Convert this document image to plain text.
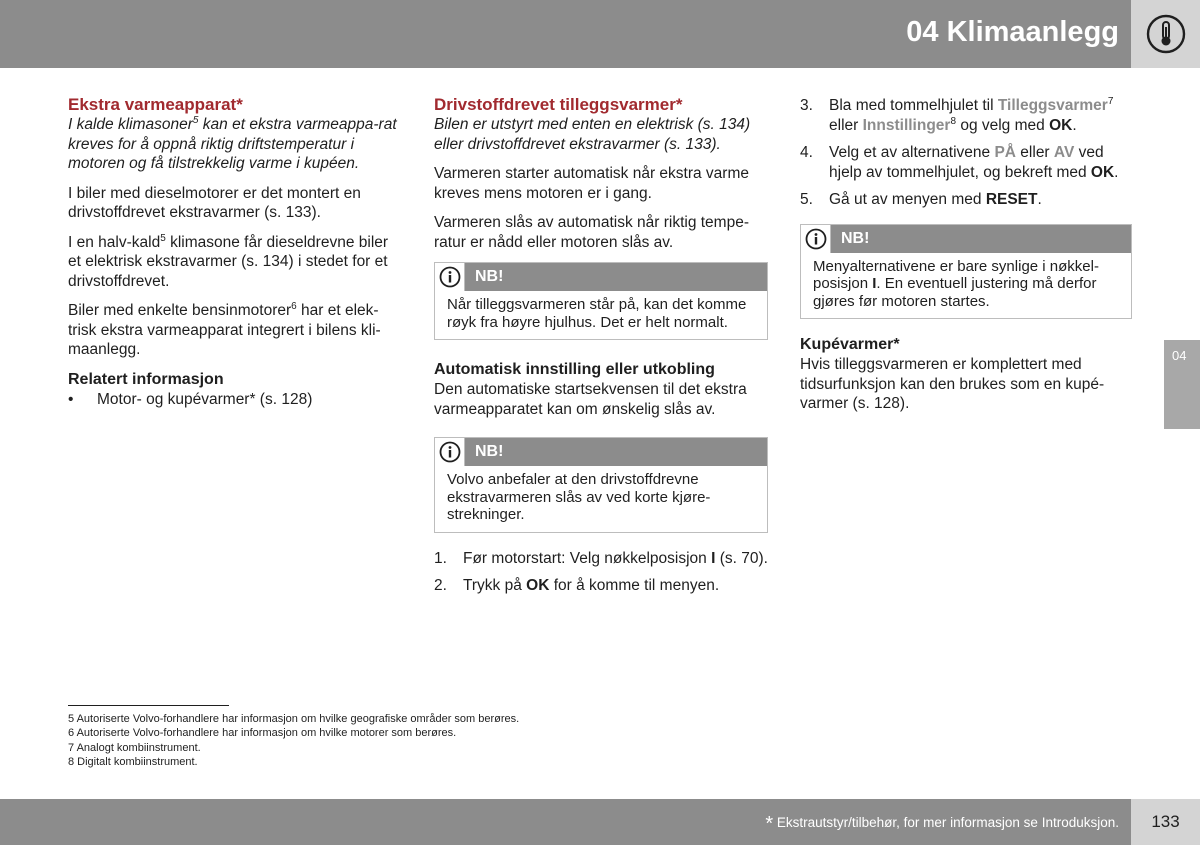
04 Klimaanlegg
Ekstra varmeapparat*

I kalde klimasoner$^5$ kan et ekstra varmeappa-rat kreves for å oppnå riktig driftstemperatur i motoren og få tilstrekkelig varme i kupéen.

I biler med dieselmotorer er det montert en drivstoffdrevet ekstravarmer (s. 133).

I en halv-kald$^5$ klimasone får dieseldrevne biler et elektrisk ekstravarmer (s. 134) i stedet for et drivstoffdrevet.

Biler med enkelte bensinmotorer$^6$ har et elek-trisk ekstra varmeapparat integrert i bilens kli-maanlegg.

Relatert informasjon
•	Motor- og kupévarmer* (s. 128)
Drivstoffdrevet tilleggsvarmer*

Bilen er utstyrt med enten en elektrisk (s. 134) eller drivstoffdrevet ekstravarmer (s. 133).

Varmeren starter automatisk når ekstra varme kreves mens motoren er i gang.

Varmeren slås av automatisk når riktig tempe-ratur er nådd eller motoren slås av.

NB!
Når tilleggsvarmeren står på, kan det komme røyk fra høyre hjulhus. Det er helt normalt.
Automatisk innstilling eller utkobling

Den automatiske startsekvensen til det ekstra varmeapparatet kan om ønskelig slås av.

NB!
Volvo anbefaler at den drivstoffdrevne ekstravarmeren slås av ved korte kjøre-strekninger.
1.	Før motorstart: Velg nøkkelposisjon I (s. 70).
2.	Trykk på OK for å komme til menyen.
3.	Bla med tommelhjulet til Tilleggsvarmer$^7$ eller Innstillinger$^8$ og velg med OK.
4.	Velg et av alternativene PÅ eller AV ved hjelp av tommelhjulet, og bekreft med OK.
5.	Gå ut av menyen med RESET.
NB!
Menyalternativene er bare synlige i nøkkel-posisjon I. En eventuell justering må derfor gjøres før motoren startes.
Kupévarmer*

Hvis tilleggsvarmeren er komplettert med tidsurfunksjon kan den brukes som en kupé-varmer (s. 128).

04
5 Autoriserte Volvo-forhandlere har informasjon om hvilke geografiske områder som berøres.
6 Autoriserte Volvo-forhandlere har informasjon om hvilke motorer som berøres.
7 Analogt kombiinstrument.
8 Digitalt kombiinstrument.
* Ekstrautstyr/tilbehør, for mer informasjon se Introduksjon.	133
